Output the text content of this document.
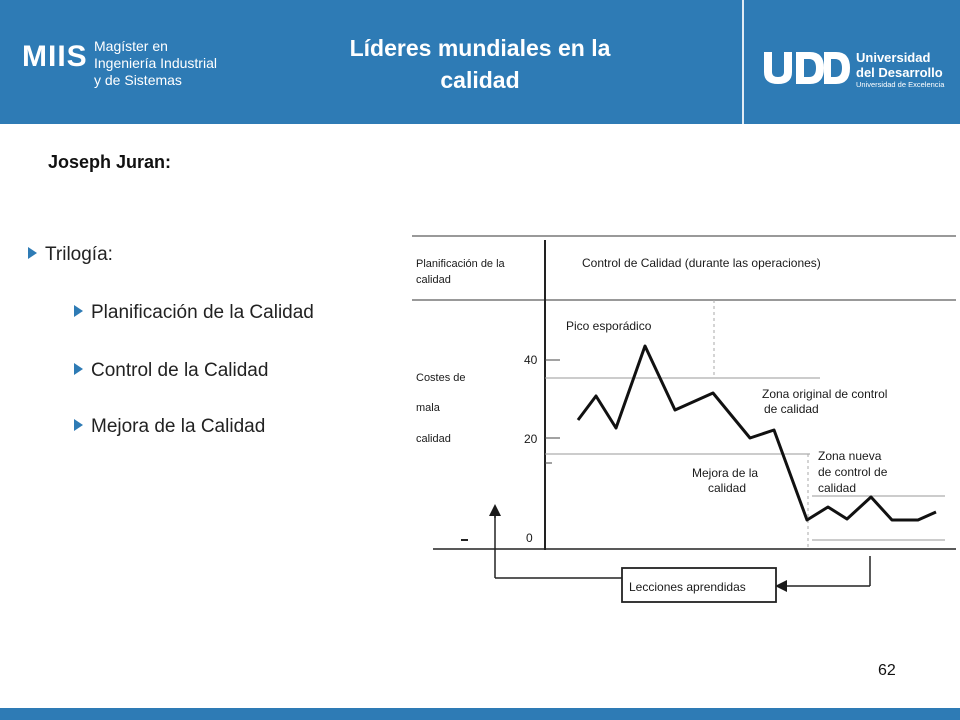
MIIS Magíster en
Ingeniería Industrial
y de Sistemas
Líderes mundiales en la
calidad
Universidad
del Desarrollo
Universidad de Excelencia
Joseph Juran:
Trilogía:
Planificación de la Calidad
Control de la Calidad
Mejora de la Calidad
Lecciones aprendidas
Planificación de la
calidad
Control de Calidad (durante las operaciones)
Costes de
mala
calidad
40
20
0
Pico esporádico
Zona original de control
de calidad
Zona nueva
de control de
calidad
Mejora de la
calidad
62
